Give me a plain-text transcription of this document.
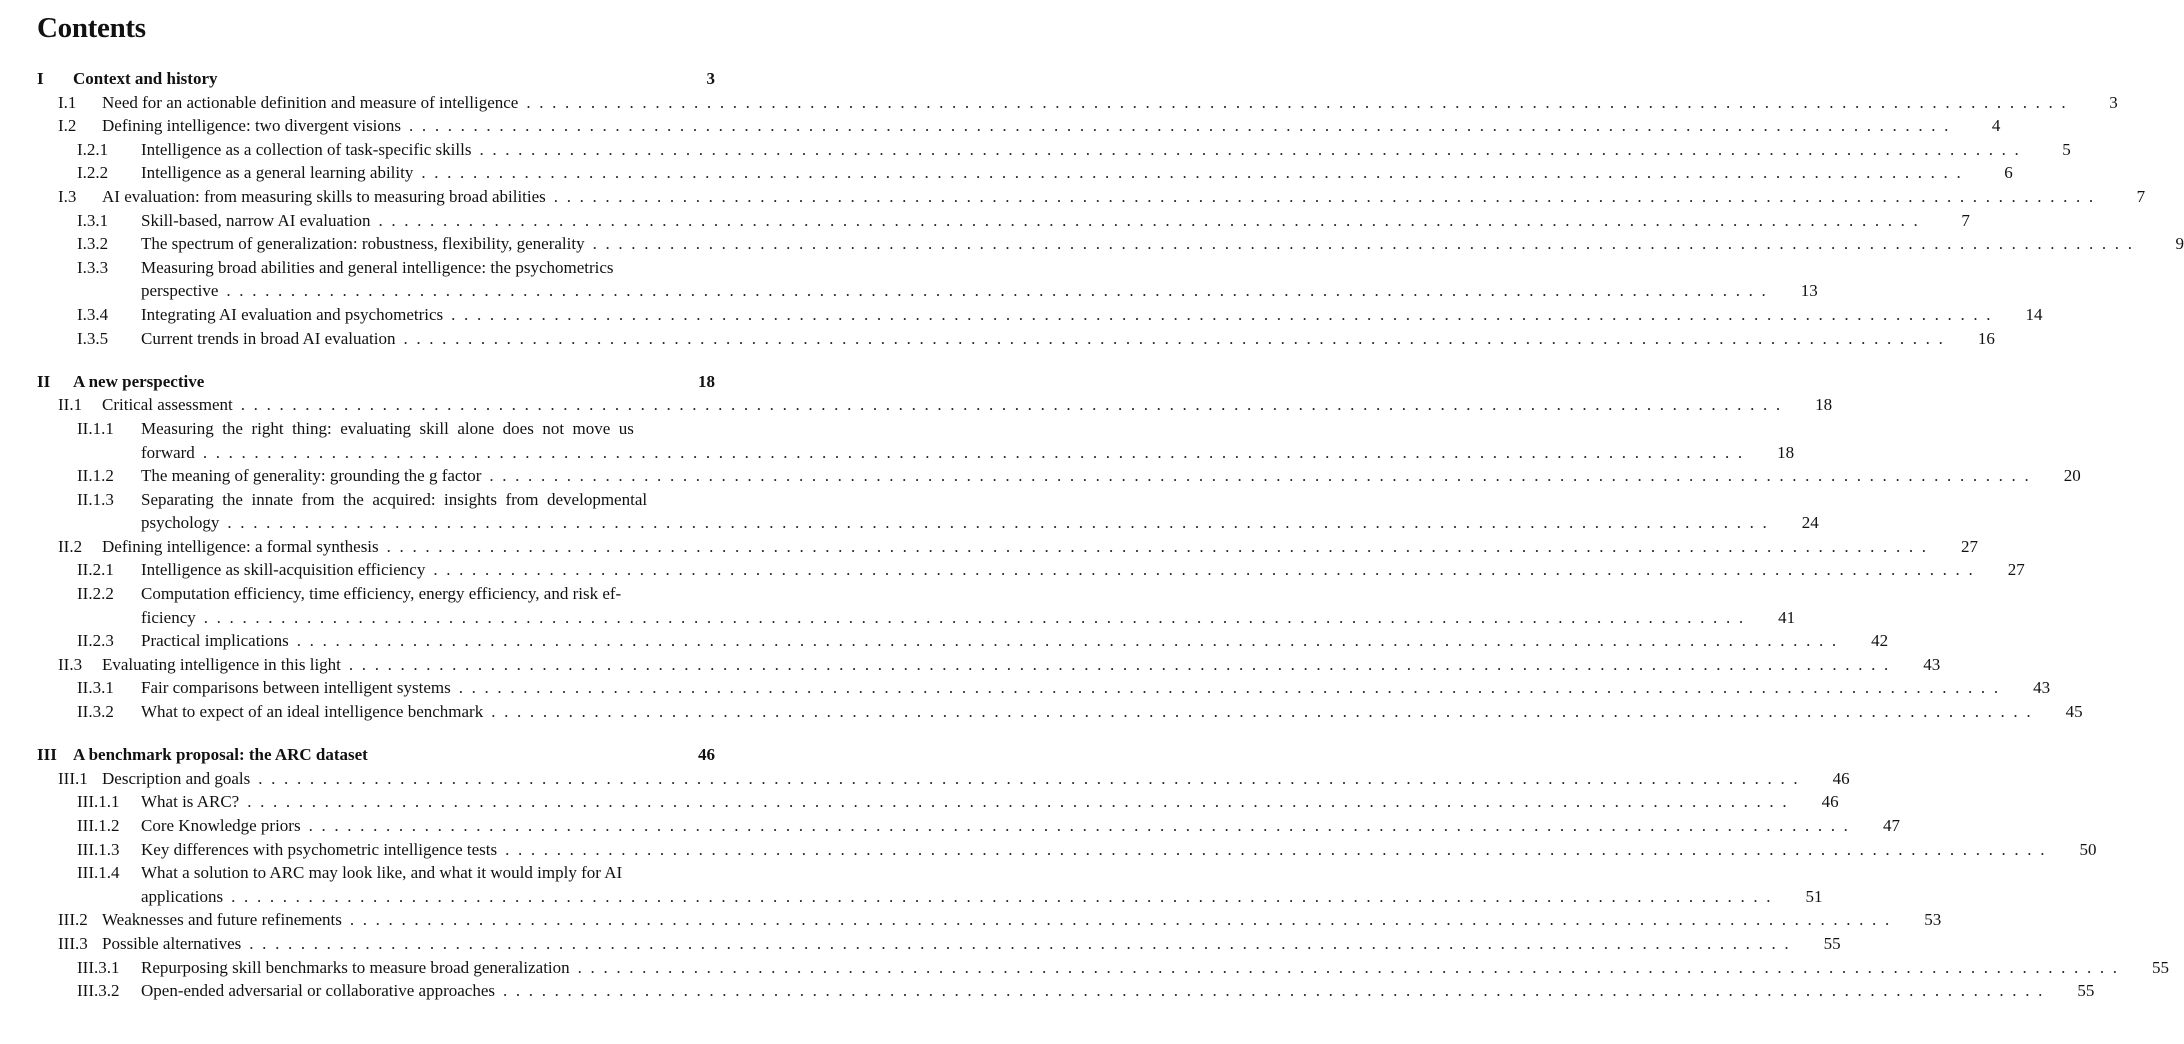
Contents
I	Context and history	3
I.1	Need for an actionable definition and measure of intelligence . . . . . . . . . . . . . . . . . . . . . . . . . . . . . . . . . . . . . . . . . . . . . . . . . . . . . . . . . . . . . . . . . . . . . . . . . . . . . . . . . . . . . . . . . . . . . . . . . . . . . . . . . . . . . . . . . . . . . . . .	3
I.2	Defining intelligence: two divergent visions . . . . . . . . . . . . . . . . . . . . . . . . . . . . . . . . . . . . . . . . . . . . . . . . . . . . . . . . . . . . . . . . . . . . . . . . . . . . . . . . . . . . . . . . . . . . . . . . . . . . . . . . . . . . . . . . . . . . . . . .	4
I.2.1	Intelligence as a collection of task-specific skills . . . . . . . . . . . . . . . . . . . . . . . . . . . . . . . . . . . . . . . . . . . . . . . . . . . . . . . . . . . . . . . . . . . . . . . . . . . . . . . . . . . . . . . . . . . . . . . . . . . . . . . . . . . . . . . . . . . . . . . .	5
I.2.2	Intelligence as a general learning ability . . . . . . . . . . . . . . . . . . . . . . . . . . . . . . . . . . . . . . . . . . . . . . . . . . . . . . . . . . . . . . . . . . . . . . . . . . . . . . . . . . . . . . . . . . . . . . . . . . . . . . . . . . . . . . . . . . . . . . . .	6
I.3	AI evaluation: from measuring skills to measuring broad abilities . . . . . . . . . . . . . . . . . . . . . . . . . . . . . . . . . . . . . . . . . . . . . . . . . . . . . . . . . . . . . . . . . . . . . . . . . . . . . . . . . . . . . . . . . . . . . . . . . . . . . . . . . . . . . . . . . . . . . . . .	7
I.3.1	Skill-based, narrow AI evaluation . . . . . . . . . . . . . . . . . . . . . . . . . . . . . . . . . . . . . . . . . . . . . . . . . . . . . . . . . . . . . . . . . . . . . . . . . . . . . . . . . . . . . . . . . . . . . . . . . . . . . . . . . . . . . . . . . . . . . . . .	7
I.3.2	The spectrum of generalization: robustness, flexibility, generality . . . . . . . . . . . . . . . . . . . . . . . . . . . . . . . . . . . . . . . . . . . . . . . . . . . . . . . . . . . . . . . . . . . . . . . . . . . . . . . . . . . . . . . . . . . . . . . . . . . . . . . . . . . . . . . . . . . . . . . .	9
I.3.3	Measuring broad abilities and general intelligence: the psychometrics
perspective . . . . . . . . . . . . . . . . . . . . . . . . . . . . . . . . . . . . . . . . . . . . . . . . . . . . . . . . . . . . . . . . . . . . . . . . . . . . . . . . . . . . . . . . . . . . . . . . . . . . . . . . . . . . . . . . . . . . . . . .	13
I.3.4	Integrating AI evaluation and psychometrics . . . . . . . . . . . . . . . . . . . . . . . . . . . . . . . . . . . . . . . . . . . . . . . . . . . . . . . . . . . . . . . . . . . . . . . . . . . . . . . . . . . . . . . . . . . . . . . . . . . . . . . . . . . . . . . . . . . . . . . .	14
I.3.5	Current trends in broad AI evaluation . . . . . . . . . . . . . . . . . . . . . . . . . . . . . . . . . . . . . . . . . . . . . . . . . . . . . . . . . . . . . . . . . . . . . . . . . . . . . . . . . . . . . . . . . . . . . . . . . . . . . . . . . . . . . . . . . . . . . . . .	16
II	A new perspective	18
II.1	Critical assessment . . . . . . . . . . . . . . . . . . . . . . . . . . . . . . . . . . . . . . . . . . . . . . . . . . . . . . . . . . . . . . . . . . . . . . . . . . . . . . . . . . . . . . . . . . . . . . . . . . . . . . . . . . . . . . . . . . . . . . . .	18
II.1.1	Measuring  the  right  thing:  evaluating  skill  alone  does  not  move  us
forward . . . . . . . . . . . . . . . . . . . . . . . . . . . . . . . . . . . . . . . . . . . . . . . . . . . . . . . . . . . . . . . . . . . . . . . . . . . . . . . . . . . . . . . . . . . . . . . . . . . . . . . . . . . . . . . . . . . . . . . .	18
II.1.2	The meaning of generality: grounding the g factor . . . . . . . . . . . . . . . . . . . . . . . . . . . . . . . . . . . . . . . . . . . . . . . . . . . . . . . . . . . . . . . . . . . . . . . . . . . . . . . . . . . . . . . . . . . . . . . . . . . . . . . . . . . . . . . . . . . . . . . .	20
II.1.3	Separating  the  innate  from  the  acquired:  insights  from  developmental
psychology . . . . . . . . . . . . . . . . . . . . . . . . . . . . . . . . . . . . . . . . . . . . . . . . . . . . . . . . . . . . . . . . . . . . . . . . . . . . . . . . . . . . . . . . . . . . . . . . . . . . . . . . . . . . . . . . . . . . . . . .	24
II.2	Defining intelligence: a formal synthesis . . . . . . . . . . . . . . . . . . . . . . . . . . . . . . . . . . . . . . . . . . . . . . . . . . . . . . . . . . . . . . . . . . . . . . . . . . . . . . . . . . . . . . . . . . . . . . . . . . . . . . . . . . . . . . . . . . . . . . . .	27
II.2.1	Intelligence as skill-acquisition efficiency . . . . . . . . . . . . . . . . . . . . . . . . . . . . . . . . . . . . . . . . . . . . . . . . . . . . . . . . . . . . . . . . . . . . . . . . . . . . . . . . . . . . . . . . . . . . . . . . . . . . . . . . . . . . . . . . . . . . . . . .	27
II.2.2	Computation efficiency, time efficiency, energy efficiency, and risk ef-
ficiency . . . . . . . . . . . . . . . . . . . . . . . . . . . . . . . . . . . . . . . . . . . . . . . . . . . . . . . . . . . . . . . . . . . . . . . . . . . . . . . . . . . . . . . . . . . . . . . . . . . . . . . . . . . . . . . . . . . . . . . .	41
II.2.3	Practical implications . . . . . . . . . . . . . . . . . . . . . . . . . . . . . . . . . . . . . . . . . . . . . . . . . . . . . . . . . . . . . . . . . . . . . . . . . . . . . . . . . . . . . . . . . . . . . . . . . . . . . . . . . . . . . . . . . . . . . . . .	42
II.3	Evaluating intelligence in this light . . . . . . . . . . . . . . . . . . . . . . . . . . . . . . . . . . . . . . . . . . . . . . . . . . . . . . . . . . . . . . . . . . . . . . . . . . . . . . . . . . . . . . . . . . . . . . . . . . . . . . . . . . . . . . . . . . . . . . . .	43
II.3.1	Fair comparisons between intelligent systems . . . . . . . . . . . . . . . . . . . . . . . . . . . . . . . . . . . . . . . . . . . . . . . . . . . . . . . . . . . . . . . . . . . . . . . . . . . . . . . . . . . . . . . . . . . . . . . . . . . . . . . . . . . . . . . . . . . . . . . .	43
II.3.2	What to expect of an ideal intelligence benchmark . . . . . . . . . . . . . . . . . . . . . . . . . . . . . . . . . . . . . . . . . . . . . . . . . . . . . . . . . . . . . . . . . . . . . . . . . . . . . . . . . . . . . . . . . . . . . . . . . . . . . . . . . . . . . . . . . . . . . . . .	45
III A benchmark proposal: the ARC dataset	46
III.1 Description and goals . . . . . . . . . . . . . . . . . . . . . . . . . . . . . . . . . . . . . . . . . . . . . . . . . . . . . . . . . . . . . . . . . . . . . . . . . . . . . . . . . . . . . . . . . . . . . . . . . . . . . . . . . . . . . . . . . . . . . . . .	46
III.1.1	What is ARC? . . . . . . . . . . . . . . . . . . . . . . . . . . . . . . . . . . . . . . . . . . . . . . . . . . . . . . . . . . . . . . . . . . . . . . . . . . . . . . . . . . . . . . . . . . . . . . . . . . . . . . . . . . . . . . . . . . . . . . . .	46
III.1.2	Core Knowledge priors . . . . . . . . . . . . . . . . . . . . . . . . . . . . . . . . . . . . . . . . . . . . . . . . . . . . . . . . . . . . . . . . . . . . . . . . . . . . . . . . . . . . . . . . . . . . . . . . . . . . . . . . . . . . . . . . . . . . . . . .	47
III.1.3	Key differences with psychometric intelligence tests . . . . . . . . . . . . . . . . . . . . . . . . . . . . . . . . . . . . . . . . . . . . . . . . . . . . . . . . . . . . . . . . . . . . . . . . . . . . . . . . . . . . . . . . . . . . . . . . . . . . . . . . . . . . . . . . . . . . . . . .	50
III.1.4	What a solution to ARC may look like, and what it would imply for AI
applications . . . . . . . . . . . . . . . . . . . . . . . . . . . . . . . . . . . . . . . . . . . . . . . . . . . . . . . . . . . . . . . . . . . . . . . . . . . . . . . . . . . . . . . . . . . . . . . . . . . . . . . . . . . . . . . . . . . . . . . .	51
III.2 Weaknesses and future refinements . . . . . . . . . . . . . . . . . . . . . . . . . . . . . . . . . . . . . . . . . . . . . . . . . . . . . . . . . . . . . . . . . . . . . . . . . . . . . . . . . . . . . . . . . . . . . . . . . . . . . . . . . . . . . . . . . . . . . . . .	53
III.3 Possible alternatives . . . . . . . . . . . . . . . . . . . . . . . . . . . . . . . . . . . . . . . . . . . . . . . . . . . . . . . . . . . . . . . . . . . . . . . . . . . . . . . . . . . . . . . . . . . . . . . . . . . . . . . . . . . . . . . . . . . . . . . .	55
III.3.1	Repurposing skill benchmarks to measure broad generalization . . . . . . . . . . . . . . . . . . . . . . . . . . . . . . . . . . . . . . . . . . . . . . . . . . . . . . . . . . . . . . . . . . . . . . . . . . . . . . . . . . . . . . . . . . . . . . . . . . . . . . . . . . . . . . . . . . . . . . . .	55
III.3.2	Open-ended adversarial or collaborative approaches . . . . . . . . . . . . . . . . . . . . . . . . . . . . . . . . . . . . . . . . . . . . . . . . . . . . . . . . . . . . . . . . . . . . . . . . . . . . . . . . . . . . . . . . . . . . . . . . . . . . . . . . . . . . . . . . . . . . . . . .	55
